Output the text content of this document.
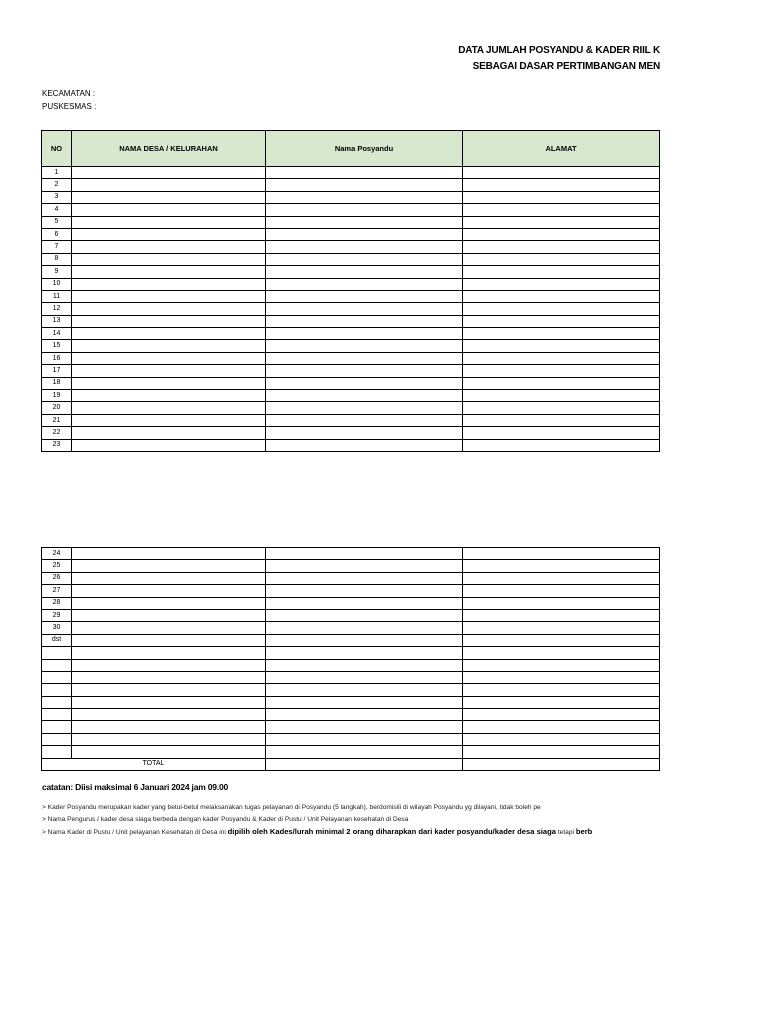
DATA JUMLAH POSYANDU & KADER RIIL K
SEBAGAI DASAR PERTIMBANGAN MEN
KECAMATAN :
PUSKESMAS :
NO	NAMA DESA / KELURAHAN	Nama Posyandu	ALAMAT
1			
2			
3			
4			
5			
6			
7			
8			
9			
10			
11			
12			
13			
14			
15			
16			
17			
18			
19			
20			
21			
22			
23			
24			
25			
26			
27			
28			
29			
30			
dst			

TOTAL			
catatan: Diisi maksimal 6 Januari 2024 jam 09.00
> Kader Posyandu merupakan kader yang betul-betul melaksanakan tugas pelayanan di Posyandu (5 langkah), berdomisili di wilayah Posyandu yg dilayani, tidak boleh pe
> Nama Pengurus / kader desa siaga berbeda dengan kader Posyandu & Kader di Pustu / Unit Pelayanan kesehatan di Desa
> Nama Kader di Pustu / Unit pelayanan Kesehatan di Desa ini dipilih oleh Kades/lurah minimal 2 orang diharapkan dari kader posyandu/kader desa siaga tetapi berb
